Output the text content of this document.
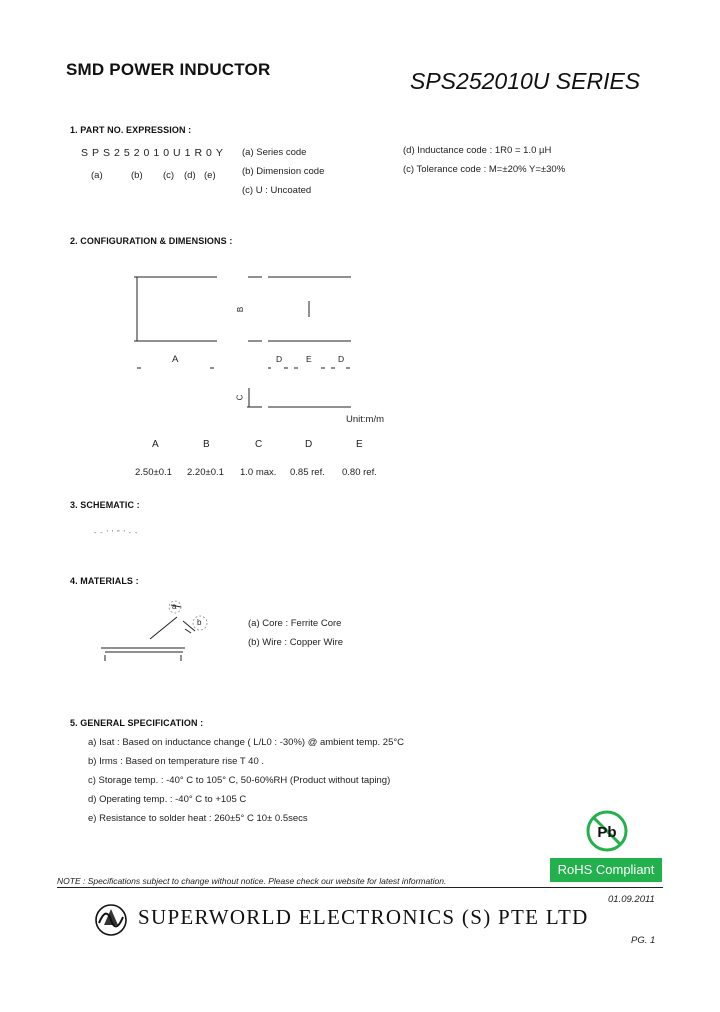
SMD POWER INDUCTOR	SPS252010U SERIES
1. PART NO. EXPRESSION :
SPS252010U1R0Y
(a)	(b) (c) (d) (e)
(a) Series code
(b) Dimension code
(c) U : Uncoated
(d) Inductance code : 1R0 = 1.0 µH
(c) Tolerance code : M=±20% Y=±30%
2. CONFIGURATION & DIMENSIONS :
A
B
D	E	D
C
Unit:m/m
A	B	C	D	E
2.50±0.1 2.20±0.1 1.0 max. 0.85 ref. 0.80 ref.
3. SCHEMATIC :
- - ' ′ ″ ′ - -
4. MATERIALS :
a
b	(a) Core : Ferrite Core
(b) Wire : Copper Wire
5. GENERAL SPECIFICATION :
a) Isat : Based on inductance change ( L/L0 : -30%) @ ambient temp. 25°C
b) Irms : Based on temperature rise T 40 .
c) Storage temp. : -40° C to 105° C, 50-60%RH (Product without taping)
d) Operating temp. : -40° C to +105 C
e) Resistance to solder heat : 260±5° C 10± 0.5secs
Pb
RoHS Compliant
NOTE : Specifications subject to change without notice. Please check our website for latest information.
01.09.2011
SUPERWORLD ELECTRONICS (S) PTE LTD
PG. 1
